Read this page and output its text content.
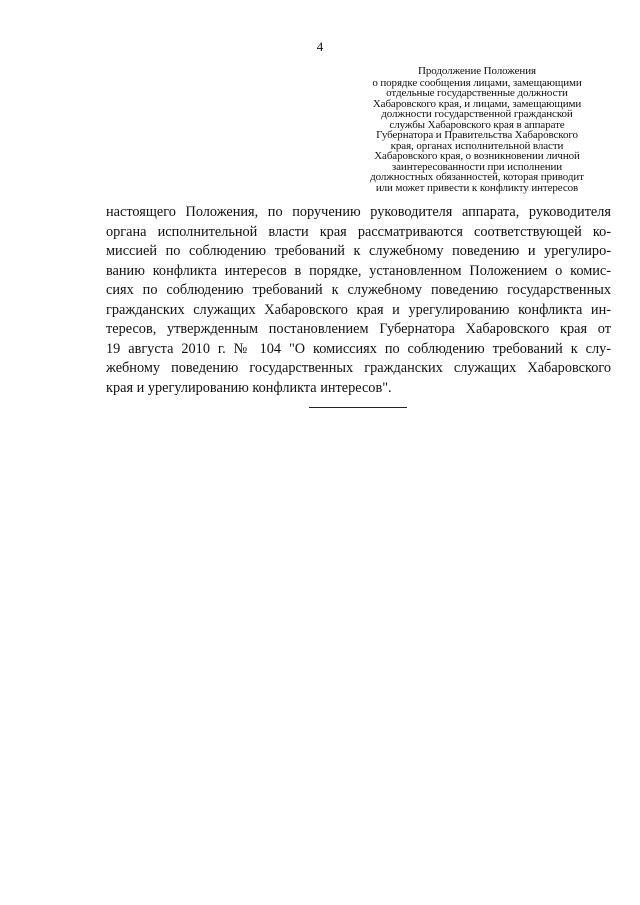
4
Продолжение Положения
о порядке сообщения лицами, замещающими
отдельные государственные должности
Хабаровского края, и лицами, замещающими
должности государственной гражданской
службы Хабаровского края в аппарате
Губернатора и Правительства Хабаровского
края, органах исполнительной власти
Хабаровского края, о возникновении личной
заинтересованности при исполнении
должностных обязанностей, которая приводит
или может привести к конфликту интересов
настоящего Положения, по поручению руководителя аппарата, руководителя
органа исполнительной власти края рассматриваются соответствующей ко-
миссией по соблюдению требований к служебному поведению и урегулиро-
ванию конфликта интересов в порядке, установленном Положением о комис-
сиях по соблюдению требований к служебному поведению государственных
гражданских служащих Хабаровского края и урегулированию конфликта ин-
тересов, утвержденным постановлением Губернатора Хабаровского края от
19 августа 2010 г. № 104 "О комиссиях по соблюдению требований к слу-
жебному поведению государственных гражданских служащих Хабаровского
края и урегулированию конфликта интересов".
